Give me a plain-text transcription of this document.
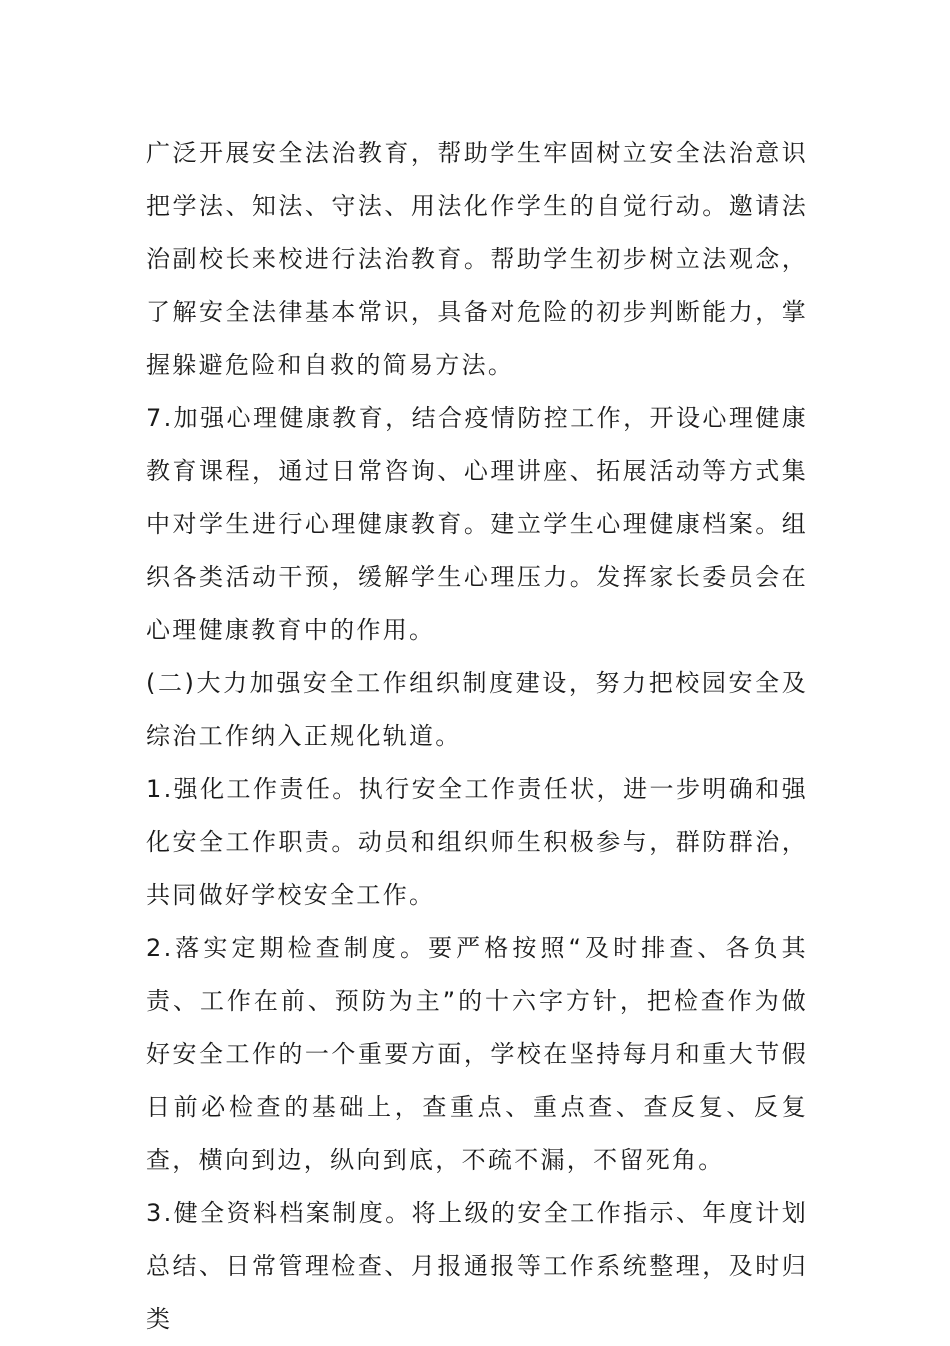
广泛开展安全法治教育，帮助学生牢固树立安全法治意识把学法、知法、守法、用法化作学生的自觉行动。邀请法治副校长来校进行法治教育。帮助学生初步树立法观念，了解安全法律基本常识，具备对危险的初步判断能力，掌握躲避危险和自救的简易方法。

7.加强心理健康教育，结合疫情防控工作，开设心理健康教育课程，通过日常咨询、心理讲座、拓展活动等方式集中对学生进行心理健康教育。建立学生心理健康档案。组织各类活动干预，缓解学生心理压力。发挥家长委员会在心理健康教育中的作用。

(二)大力加强安全工作组织制度建设，努力把校园安全及综治工作纳入正规化轨道。

1.强化工作责任。执行安全工作责任状，进一步明确和强化安全工作职责。动员和组织师生积极参与，群防群治，共同做好学校安全工作。

2.落实定期检查制度。要严格按照“及时排查、各负其责、工作在前、预防为主”的十六字方针，把检查作为做好安全工作的一个重要方面，学校在坚持每月和重大节假日前必检查的基础上，查重点、重点查、查反复、反复查，横向到边，纵向到底，不疏不漏，不留死角。

3.健全资料档案制度。将上级的安全工作指示、年度计划总结、日常管理检查、月报通报等工作系统整理，及时归类
